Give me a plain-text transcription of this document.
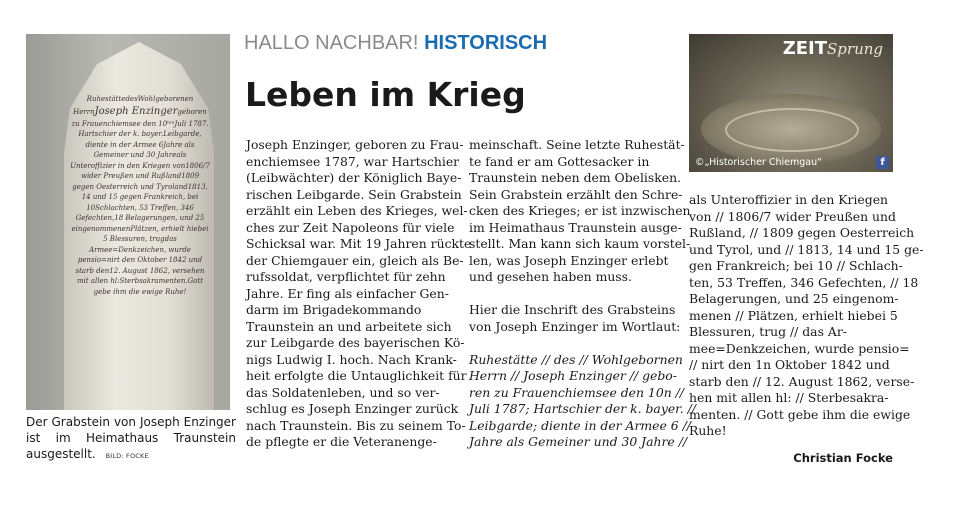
RuhestättedesWohlgeborenen HerrnJoseph Enzingergeboren zu Frauenchiemsee den 10ᵗᵉⁿJuli 1787. Hartschier der k. bayer.Leibgarde, diente in der Armee 6Jahre als Gemeiner und 30 Jahreals Unteroffizier in den Kriegen von1806/7 wider Preußen und Rußland1809 gegen Oesterreich und Tyroland1813, 14 und 15 gegen Frankreich, bei 10Schlachten, 53 Treffen, 346 Gefechten,18 Belagerungen, und 25 eingenommenenPlätzen, erhielt hiebei 5 Blessuren, trugdas Armee=Denkzeichen, wurde pensio=nirt den Oktober 1842 und starb den12. August 1862, versehen mit allen hl:Sterbsakramenten.Gott gebe ihm die ewige Ruhe!
Der Grabstein von Joseph Enzinger ist im Heimathaus Traunstein ausgestellt. BILD: FOCKE
HALLO NACHBAR! HISTORISCH
Leben im Krieg
Joseph Enzinger, geboren zu Frau-
enchiemsee 1787, war Hartschier
(Leibwächter) der Königlich Baye-
rischen Leibgarde. Sein Grabstein
erzählt ein Leben des Krieges, wel-
ches zur Zeit Napoleons für viele
Schicksal war. Mit 19 Jahren rückte
der Chiemgauer ein, gleich als Be-
rufssoldat, verpflichtet für zehn
Jahre. Er fing als einfacher Gen-
darm im Brigadekommando
Traunstein an und arbeitete sich
zur Leibgarde des bayerischen Kö-
nigs Ludwig I. hoch. Nach Krank-
heit erfolgte die Untauglichkeit für
das Soldatenleben, und so ver-
schlug es Joseph Enzinger zurück
nach Traunstein. Bis zu seinem To-
de pflegte er die Veteranenge-
meinschaft. Seine letzte Ruhestät-
te fand er am Gottesacker in
Traunstein neben dem Obelisken.
Sein Grabstein erzählt den Schre-
cken des Krieges; er ist inzwischen
im Heimathaus Traunstein ausge-
stellt. Man kann sich kaum vorstel-
len, was Joseph Enzinger erlebt
und gesehen haben muss.
Hier die Inschrift des Grabsteins
von Joseph Enzinger im Wortlaut:
Ruhestätte // des // Wohlgebornen
Herrn // Joseph Enzinger // gebo-
ren zu Frauenchiemsee den 10n //
Juli 1787; Hartschier der k. bayer. //
Leibgarde; diente in der Armee 6 //
Jahre als Gemeiner und 30 Jahre //
ZEITSprung
©„Historischer Chiemgau“	f
als Unteroffizier in den Kriegen
von // 1806/7 wider Preußen und
Rußland, // 1809 gegen Oesterreich
und Tyrol, und // 1813, 14 und 15 ge-
gen Frankreich; bei 10 // Schlach-
ten, 53 Treffen, 346 Gefechten, // 18
Belagerungen, und 25 eingenom-
menen // Plätzen, erhielt hiebei 5
Blessuren, trug // das Ar-
mee=Denkzeichen, wurde pensio=
// nirt den 1n Oktober 1842 und
starb den // 12. August 1862, verse-
hen mit allen hl: // Sterbesakra-
menten. // Gott gebe ihm die ewige
Ruhe!
Christian Focke
